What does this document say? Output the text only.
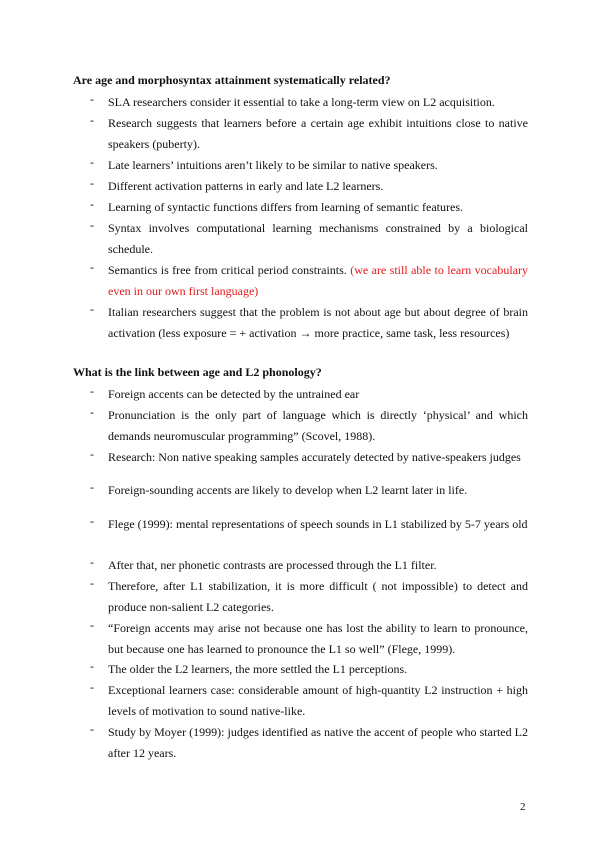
Are age and morphosyntax attainment systematically related?
- SLA researchers consider it essential to take a long-term view on L2 acquisition.
- Research suggests that learners before a certain age exhibit intuitions close to native speakers (puberty).
- Late learners’ intuitions aren’t likely to be similar to native speakers.
- Different activation patterns in early and late L2 learners.
- Learning of syntactic functions differs from learning of semantic features.
- Syntax involves computational learning mechanisms constrained by a biological schedule.
- Semantics is free from critical period constraints. (we are still able to learn vocabulary even in our own first language)
- Italian researchers suggest that the problem is not about age but about degree of brain activation (less exposure = + activation → more practice, same task, less resources)
What is the link between age and L2 phonology?
- Foreign accents can be detected by the untrained ear
- Pronunciation is the only part of language which is directly ‘physical’ and which demands neuromuscular programming” (Scovel, 1988).
- Research: Non native speaking samples accurately detected by native-speakers judges
- Foreign-sounding accents are likely to develop when L2 learnt later in life.
- Flege (1999): mental representations of speech sounds in L1 stabilized by 5-7 years old
- After that, ner phonetic contrasts are processed through the L1 filter.
- Therefore, after L1 stabilization, it is more difficult ( not impossible) to detect and produce non-salient L2 categories.
- “Foreign accents may arise not because one has lost the ability to learn to pronounce, but because one has learned to pronounce the L1 so well” (Flege, 1999).
- The older the L2 learners, the more settled the L1 perceptions.
- Exceptional learners case: considerable amount of high-quantity L2 instruction + high levels of motivation to sound native-like.
- Study by Moyer (1999): judges identified as native the accent of people who started L2 after 12 years.
2
